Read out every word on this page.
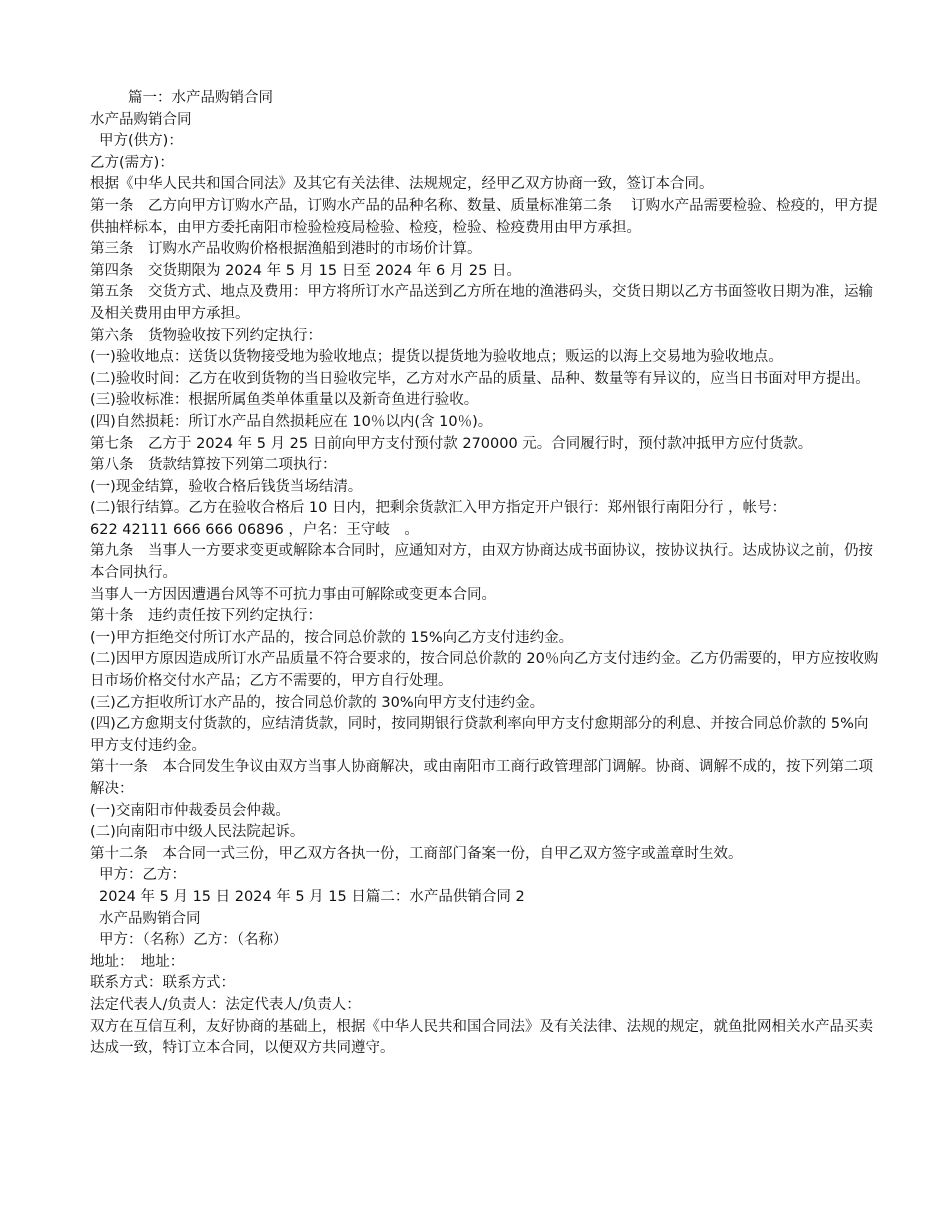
篇一：水产品购销合同
水产品购销合同
甲方(供方)：
乙方(需方)：
根据《中华人民共和国合同法》及其它有关法律、法规规定，经甲乙双方协商一致，签订本合同。
第一条　乙方向甲方订购水产品，订购水产品的品种名称、数量、质量标准第二条　 订购水产品需要检验、检疫的，甲方提供抽样标本，由甲方委托南阳市检验检疫局检验、检疫，检验、检疫费用由甲方承担。
第三条　订购水产品收购价格根据渔船到港时的市场价计算。
第四条　交货期限为 2024 年 5 月 15 日至 2024 年 6 月 25 日。
第五条　交货方式、地点及费用：甲方将所订水产品送到乙方所在地的渔港码头，交货日期以乙方书面签收日期为准，运输及相关费用由甲方承担。
第六条　货物验收按下列约定执行：
(一)验收地点：送货以货物接受地为验收地点；提货以提货地为验收地点；贩运的以海上交易地为验收地点。
(二)验收时间：乙方在收到货物的当日验收完毕，乙方对水产品的质量、品种、数量等有异议的，应当日书面对甲方提出。
(三)验收标准：根据所属鱼类单体重量以及新奇鱼进行验收。
(四)自然损耗：所订水产品自然损耗应在 10％以内(含 10％)。
第七条　乙方于 2024 年 5 月 25 日前向甲方支付预付款 270000 元。合同履行时，预付款冲抵甲方应付货款。
第八条　货款结算按下列第二项执行：
(一)现金结算，验收合格后钱货当场结清。
(二)银行结算。乙方在验收合格后 10 日内，把剩余货款汇入甲方指定开户银行：郑州银行南阳分行 ，帐号：
622 42111 666 666 06896 ，户名：王守岐　。
第九条　当事人一方要求变更或解除本合同时，应通知对方，由双方协商达成书面协议，按协议执行。达成协议之前，仍按本合同执行。
当事人一方因因遭遇台风等不可抗力事由可解除或变更本合同。
第十条　违约责任按下列约定执行：
(一)甲方拒绝交付所订水产品的，按合同总价款的 15%向乙方支付违约金。
(二)因甲方原因造成所订水产品质量不符合要求的，按合同总价款的 20％向乙方支付违约金。乙方仍需要的，甲方应按收购日市场价格交付水产品；乙方不需要的，甲方自行处理。
(三)乙方拒收所订水产品的，按合同总价款的 30%向甲方支付违约金。
(四)乙方愈期支付货款的，应结清货款，同时，按同期银行贷款利率向甲方支付愈期部分的利息、并按合同总价款的 5%向甲方支付违约金。
第十一条　本合同发生争议由双方当事人协商解决，或由南阳市工商行政管理部门调解。协商、调解不成的，按下列第二项解决：
(一)交南阳市仲裁委员会仲裁。
(二)向南阳市中级人民法院起诉。
第十二条　本合同一式三份，甲乙双方各执一份，工商部门备案一份，自甲乙双方签字或盖章时生效。
甲方：乙方：
2024 年 5 月 15 日 2024 年 5 月 15 日篇二：水产品供销合同 2
水产品购销合同
甲方：（名称）乙方：（名称）
地址：　地址：
联系方式：联系方式：
法定代表人/负责人：法定代表人/负责人：
双方在互信互利，友好协商的基础上，根据《中华人民共和国合同法》及有关法律、法规的规定，就鱼批网相关水产品买卖达成一致，特订立本合同，以便双方共同遵守。
